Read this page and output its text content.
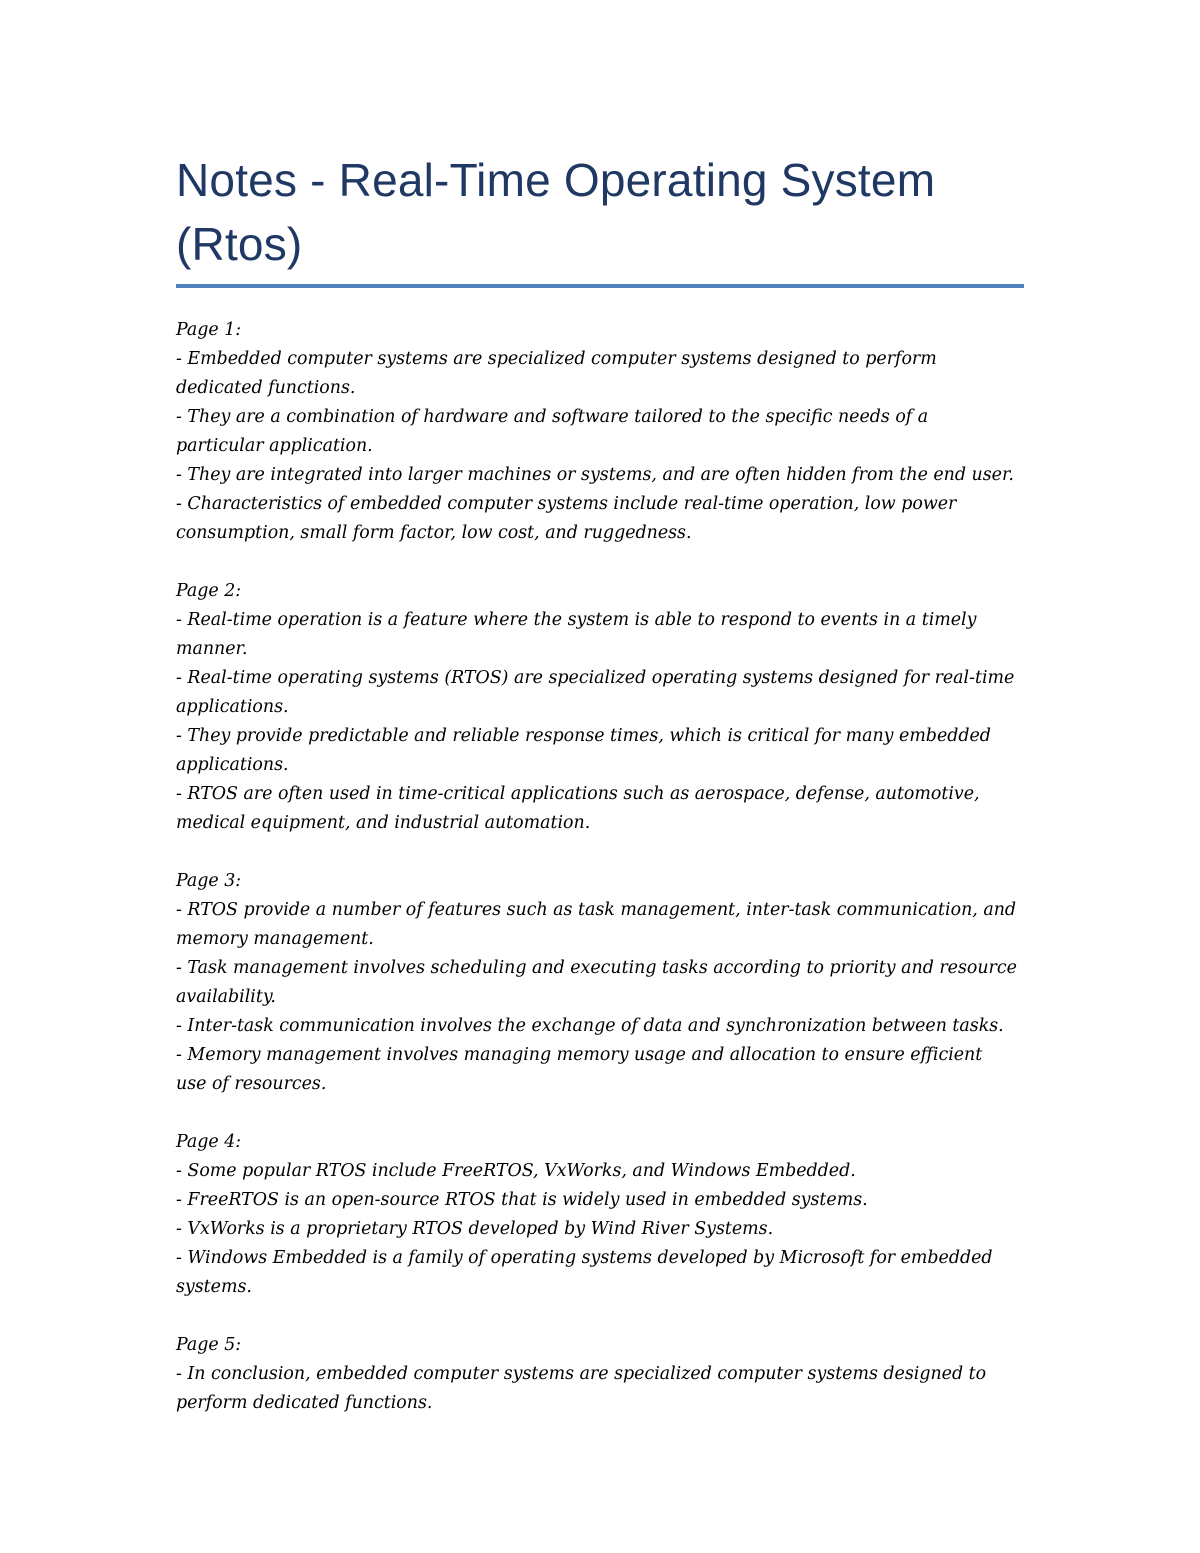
Notes - Real-Time Operating System
(Rtos)
Page 1:
- Embedded computer systems are specialized computer systems designed to perform
dedicated functions.
- They are a combination of hardware and software tailored to the specific needs of a
particular application.
- They are integrated into larger machines or systems, and are often hidden from the end user.
- Characteristics of embedded computer systems include real-time operation, low power
consumption, small form factor, low cost, and ruggedness.
Page 2:
- Real-time operation is a feature where the system is able to respond to events in a timely
manner.
- Real-time operating systems (RTOS) are specialized operating systems designed for real-time
applications.
- They provide predictable and reliable response times, which is critical for many embedded
applications.
- RTOS are often used in time-critical applications such as aerospace, defense, automotive,
medical equipment, and industrial automation.
Page 3:
- RTOS provide a number of features such as task management, inter-task communication, and
memory management.
- Task management involves scheduling and executing tasks according to priority and resource
availability.
- Inter-task communication involves the exchange of data and synchronization between tasks.
- Memory management involves managing memory usage and allocation to ensure efficient
use of resources.
Page 4:
- Some popular RTOS include FreeRTOS, VxWorks, and Windows Embedded.
- FreeRTOS is an open-source RTOS that is widely used in embedded systems.
- VxWorks is a proprietary RTOS developed by Wind River Systems.
- Windows Embedded is a family of operating systems developed by Microsoft for embedded
systems.
Page 5:
- In conclusion, embedded computer systems are specialized computer systems designed to
perform dedicated functions.
